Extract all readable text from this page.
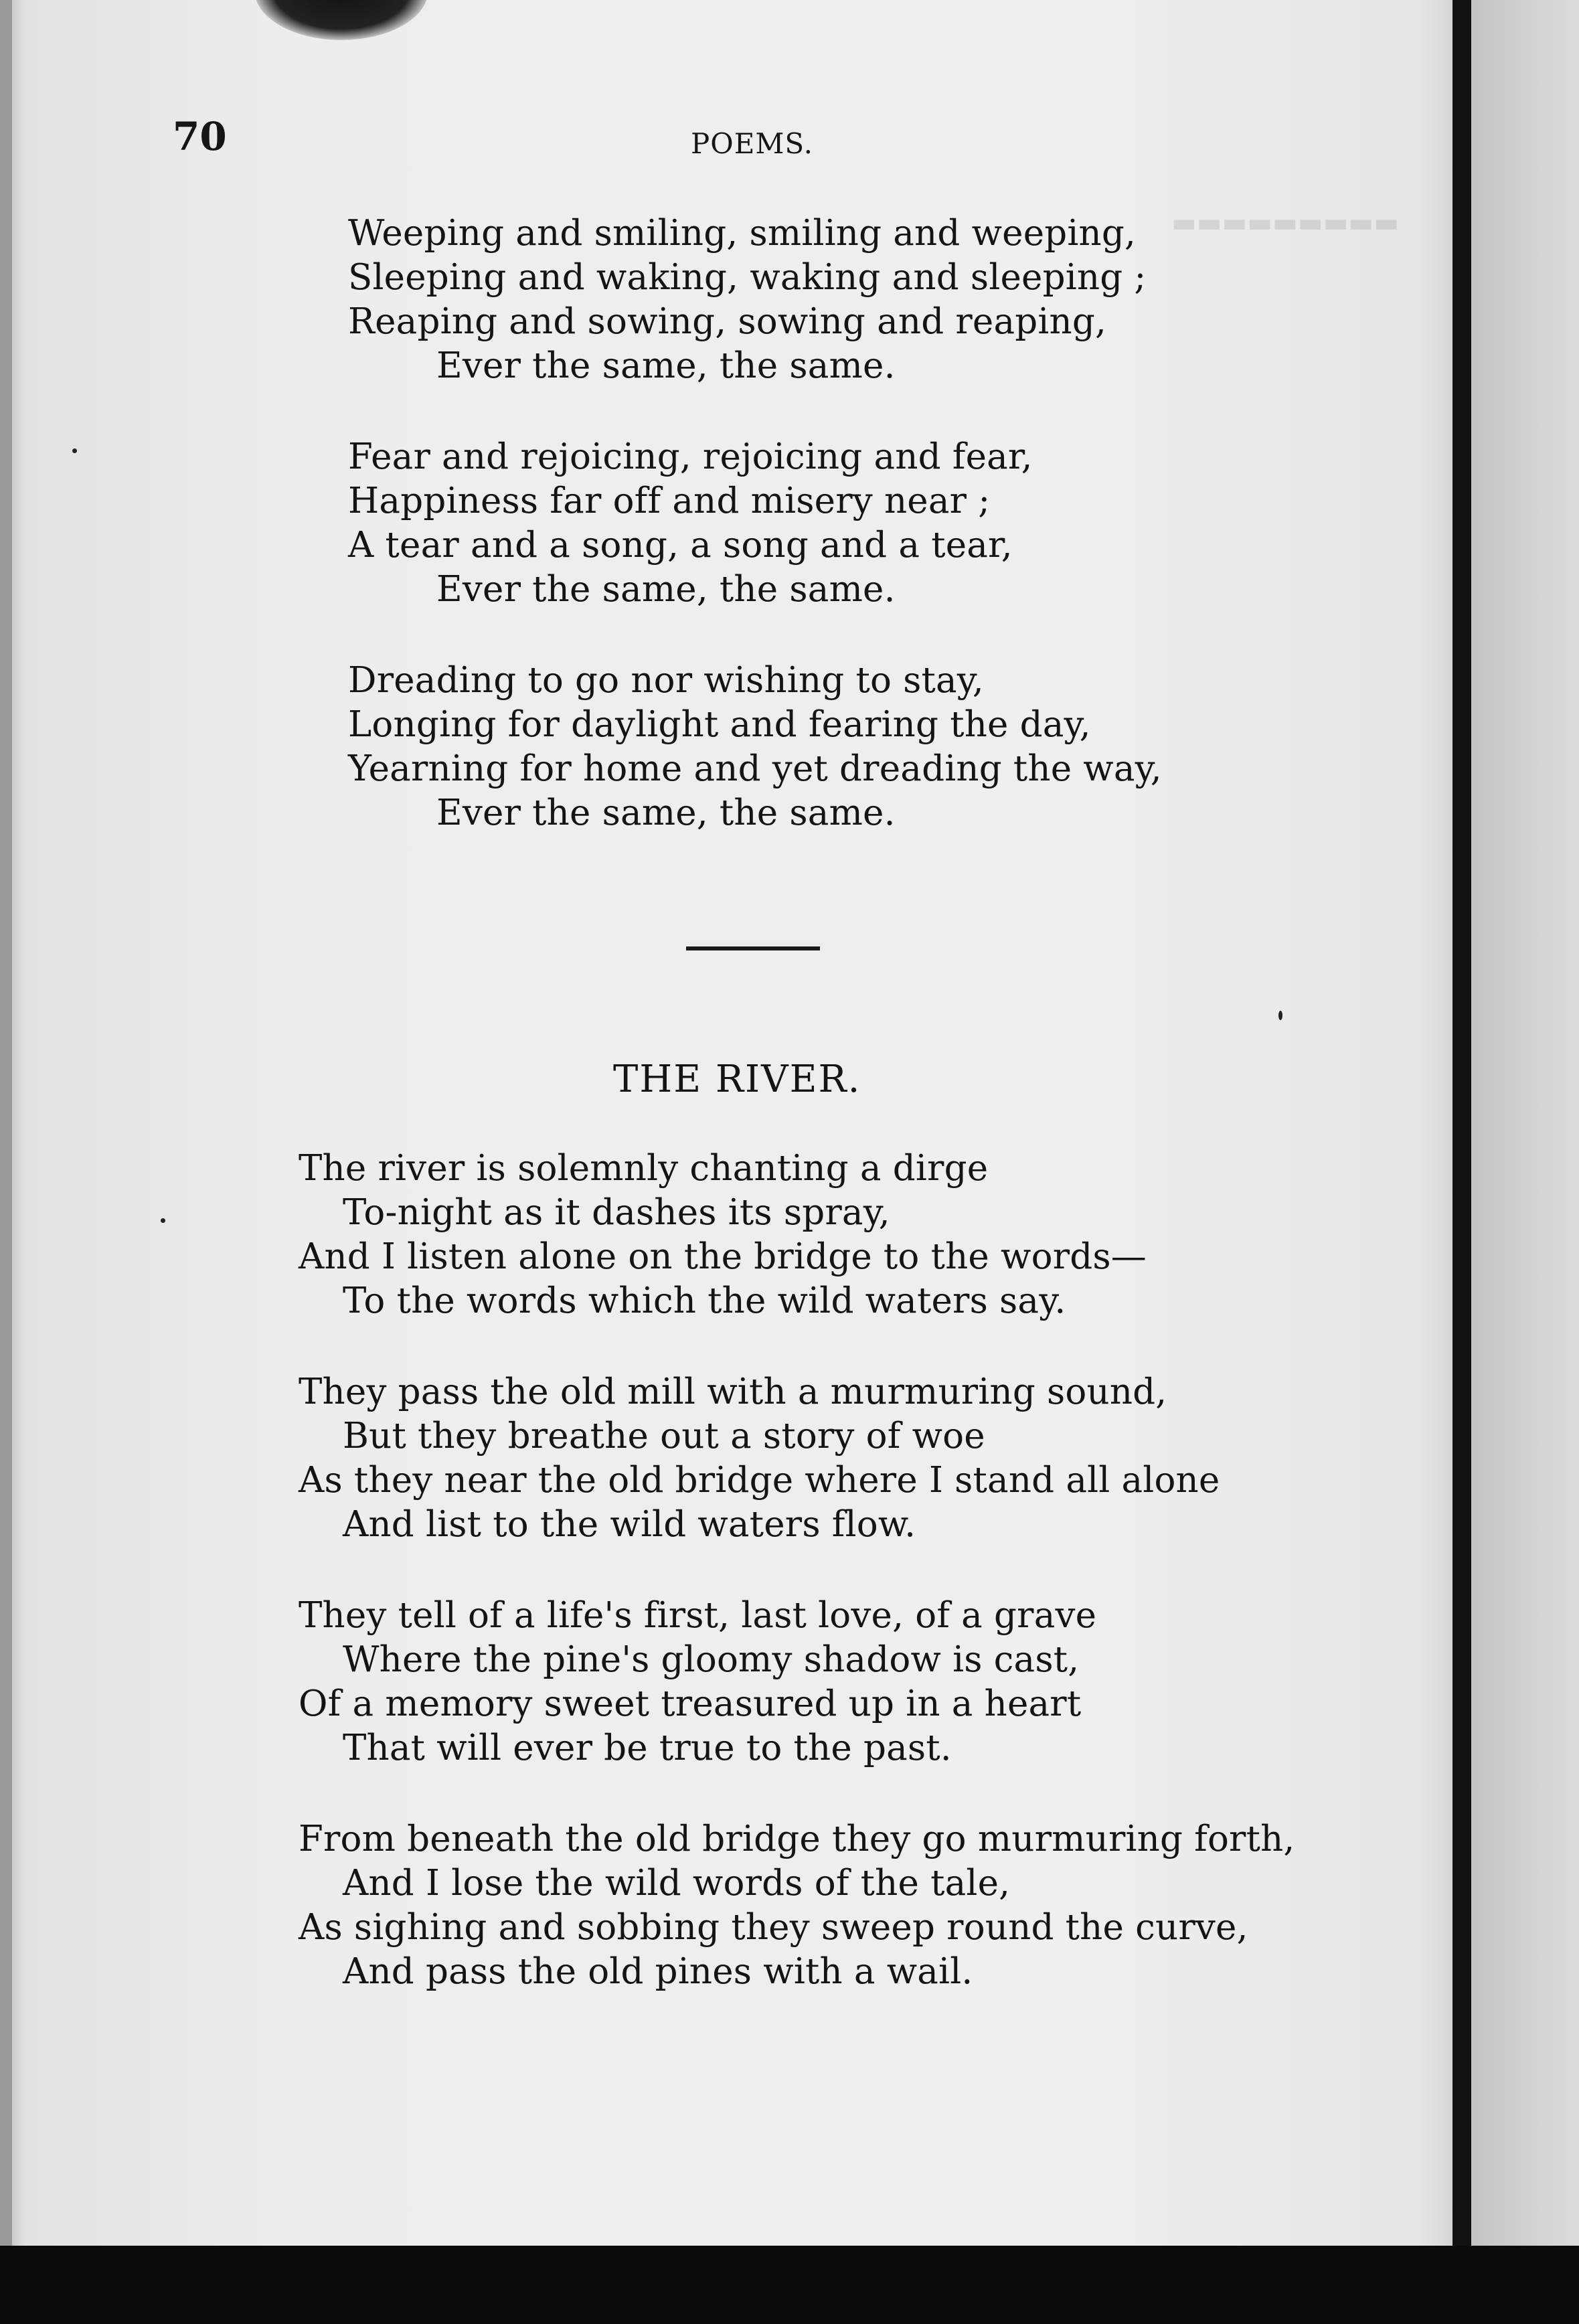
▬▬▬▬▬▬▬▬▬
70	POEMS.
Weeping and smiling, smiling and weeping,
Sleeping and waking, waking and sleeping ;
Reaping and sowing, sowing and reaping,
Ever the same, the same.
Fear and rejoicing, rejoicing and fear,
Happiness far off and misery near ;
A tear and a song, a song and a tear,
Ever the same, the same.
Dreading to go nor wishing to stay,
Longing for daylight and fearing the day,
Yearning for home and yet dreading the way,
Ever the same, the same.
THE RIVER.
The river is solemnly chanting a dirge
To-night as it dashes its spray,
And I listen alone on the bridge to the words—
To the words which the wild waters say.
They pass the old mill with a murmuring sound,
But they breathe out a story of woe
As they near the old bridge where I stand all alone
And list to the wild waters flow.
They tell of a life's first, last love, of a grave
Where the pine's gloomy shadow is cast,
Of a memory sweet treasured up in a heart
That will ever be true to the past.
From beneath the old bridge they go murmuring forth,
And I lose the wild words of the tale,
As sighing and sobbing they sweep round the curve,
And pass the old pines with a wail.
